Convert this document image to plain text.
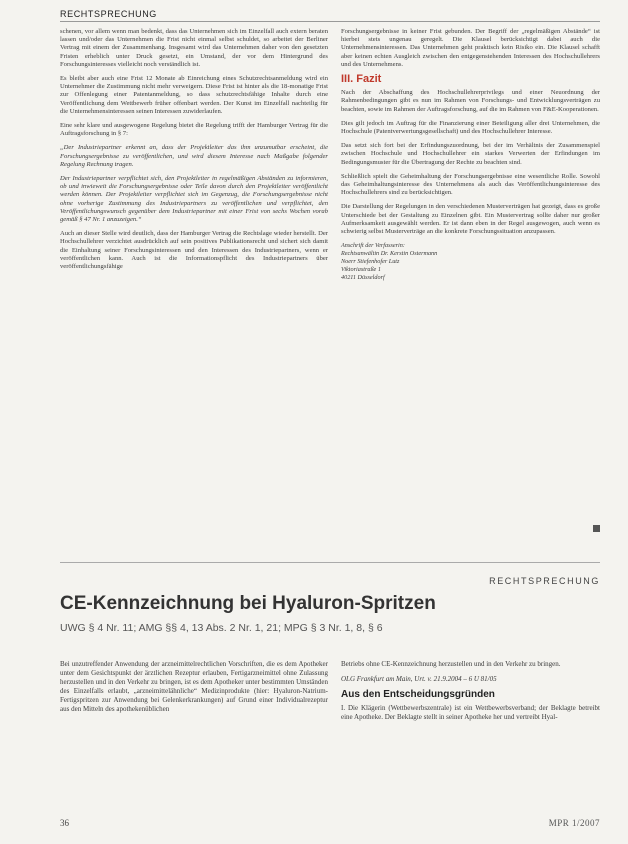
RECHTSPRECHUNG

schenen, vor allem wenn man bedenkt, dass das Unternehmen sich im Einzelfall auch extern beraten lassen und/oder das Unternehmen die Frist nicht einmal selbst schuldet, so arbeitet der Berliner Vertrag mit einem der Zusammenhang. Insgesamt wird das Unternehmen daher von den gesetzten Fristen erheblich unter Druck gesetzt, ein Umstand, der vor dem Hintergrund des Forschungsinteresses vielleicht noch verständlich ist.

Es bleibt aber auch eine Frist 12 Monate ab Einreichung eines Schutzrechtsanmeldung wird ein Unternehmer die Zustimmung nicht mehr verweigern. Diese Frist ist hinter als die 18-monatige Frist zur Offenlegung einer Patentanmeldung, so dass schutzrechtsfähige Inhalte durch eine Veröffentlichung dem Wettbewerb früher offenbart werden. Der Kunst im Einzelfall nachteilig für die Unternehmensinteressen seinen Interessen zuwiderlaufen.

Eine sehr klare und ausgewogene Regelung bietet die Regelung trifft der Hamburger Vertrag für die Auftragsforschung in § 7:

„Der Industriepartner erkennt an, dass der Projektleiter das ihm unzumutbar erscheint, die Forschungsergebnisse zu veröffentlichen, und wird diesem Interesse nach Maßgabe folgender Regelung Rechnung tragen.

Der Industriepartner verpflichtet sich, den Projektleiter in regelmäßigen Abständen zu informieren, ob und inwieweit die Forschungsergebnisse oder Teile davon durch den Projektleiter veröffentlicht werden können. Der Projektleiter verpflichtet sich im Gegenzug, die Forschungsergebnisse nicht ohne vorherige Zustimmung des Industriepartners zu veröffentlichen und verpflichtet, den Veröffentlichungswunsch gegenüber dem Industriepartner mit einer Frist von sechs Wochen vorab gemäß § 47 Nr. 1 anzuzeigen.“

Auch an dieser Stelle wird deutlich, dass der Hamburger Vertrag die Rechtslage wieder herstellt. Der Hochschullehrer verzichtet ausdrücklich auf sein positives Publikationsrecht und sichert sich damit die Einhaltung seiner Forschungsinteressen und den Interessen des Industriepartners, wenn er veröffentlichen kann. Auch ist die Informationspflicht des Industriepartners über veröffentlichungsfähige

Forschungsergebnisse in keiner Frist gebunden. Der Begriff der „regelmäßigen Abstände“ ist hierbei stets ungenau geregelt. Die Klausel berücksichtigt dabei auch die Unternehmensinteressen. Das Unternehmen geht praktisch kein Risiko ein. Die Klausel schafft aber keinen echten Ausgleich zwischen den entgegenstehenden Interessen des Hochschullehrers und des Unternehmens.

III. Fazit

Nach der Abschaffung des Hochschullehrerprivilegs und einer Neuordnung der Rahmenbedingungen gibt es nun im Rahmen von Forschungs- und Entwicklungsverträgen zu beachten, sowie im Rahmen der Auftragsforschung, auf die im Rahmen von F&E-Kooperationen.

Dies gilt jedoch im Auftrag für die Finanzierung einer Beteiligung aller drei Unternehmen, die Hochschule (Patentverwertungsgesellschaft) und des Hochschullehrer Interesse.

Das setzt sich fort bei der Erfindungszuordnung, bei der im Verhältnis der Zusammenspiel zwischen Hochschule und Hochschullehrer ein starkes Verwerten der Erfindungen im Bedingungsmuster für die Übertragung der Rechte zu beachten sind.

Schließlich spielt die Geheimhaltung der Forschungsergebnisse eine wesentliche Rolle. Sowohl das Geheimhaltungsinteresse des Unternehmens als auch das Veröffentlichungsinteresse des Hochschullehrers sind zu berücksichtigen.

Die Darstellung der Regelungen in den verschiedenen Musterverträgen hat gezeigt, dass es große Unterschiede bei der Gestaltung zu Einzelnen gibt. Ein Mustervertrag sollte daher nur großer Aufmerksamkeit ausgewählt werden. Er ist dann eben in der Regel ausgewogen, auch wenn es schwierig selbst Musterverträge an die konkrete Forschungssituation anzupassen.

Anschrift der Verfasserin:
Rechtsanwältin Dr. Kerstin Ostermann
Noerr Stiefenhofer Lutz
Viktoriastraße 1
40211 Düsseldorf
RECHTSPRECHUNG
CE-Kennzeichnung bei Hyaluron-Spritzen
UWG § 4 Nr. 11; AMG §§ 4, 13 Abs. 2 Nr. 1, 21; MPG § 3 Nr. 1, 8, § 6

Bei unzutreffender Anwendung der arzneimittelrechtlichen Vorschriften, die es dem Apotheker unter dem Gesichtspunkt der ärztlichen Rezeptur erlauben, Fertigarzneimittel ohne Zulassung herzustellen und in den Verkehr zu bringen, ist es dem Apotheker unter bestimmten Umständen des Einzelfalls erlaubt, „arzneimittelähnliche“ Medizinprodukte (hier: Hyaluron-Natrium-Fertigspritzen zur Anwendung bei Gelenkerkrankungen) auf Grund einer Individualrezeptur aus den Mitteln des apothekenüblichen

Betriebs ohne CE-Kennzeichnung herzustellen und in den Verkehr zu bringen.

OLG Frankfurt am Main, Urt. v. 21.9.2004 – 6 U 81/05

Aus den Entscheidungsgründen

I. Die Klägerin (Wettbewerbszentrale) ist ein Wettbewerbsverband; der Beklagte betreibt eine Apotheke. Der Beklagte stellt in seiner Apotheke her und vertreibt Hyal-

36	MPR 1/2007
